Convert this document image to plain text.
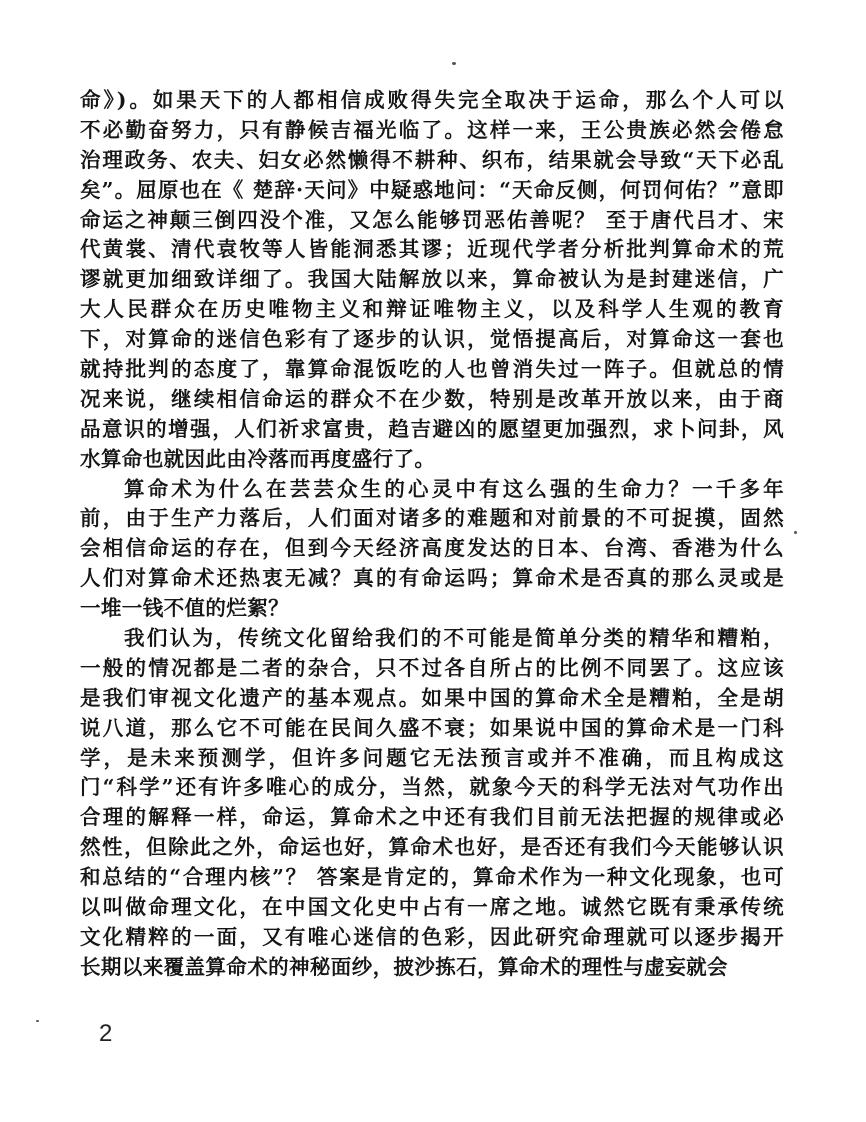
命》)。如果天下的人都相信成败得失完全取决于运命，那么个人可以
不必勤奋努力，只有静候吉福光临了。这样一来，王公贵族必然会倦怠
治理政务、农夫、妇女必然懒得不耕种、织布，结果就会导致“天下必乱
矣”。屈原也在《 楚辞·天问》中疑惑地问：“天命反侧，何罚何佑？”意即
命运之神颠三倒四没个准，又怎么能够罚恶佑善呢？ 至于唐代吕才、宋
代黄裳、清代袁牧等人皆能洞悉其谬；近现代学者分析批判算命术的荒
谬就更加细致详细了。我国大陆解放以来，算命被认为是封建迷信，广
大人民群众在历史唯物主义和辩证唯物主义，以及科学人生观的教育
下，对算命的迷信色彩有了逐步的认识，觉悟提高后，对算命这一套也
就持批判的态度了，靠算命混饭吃的人也曾消失过一阵子。但就总的情
况来说，继续相信命运的群众不在少数，特别是改革开放以来，由于商
品意识的增强，人们祈求富贵，趋吉避凶的愿望更加强烈，求卜问卦，风
水算命也就因此由冷落而再度盛行了。
算命术为什么在芸芸众生的心灵中有这么强的生命力？一千多年
前，由于生产力落后，人们面对诸多的难题和对前景的不可捉摸，固然
会相信命运的存在，但到今天经济高度发达的日本、台湾、香港为什么
人们对算命术还热衷无减？真的有命运吗；算命术是否真的那么灵或是
一堆一钱不值的烂絮？
我们认为，传统文化留给我们的不可能是简单分类的精华和糟粕，
一般的情况都是二者的杂合，只不过各自所占的比例不同罢了。这应该
是我们审视文化遗产的基本观点。如果中国的算命术全是糟粕，全是胡
说八道，那么它不可能在民间久盛不衰；如果说中国的算命术是一门科
学，是未来预测学，但许多问题它无法预言或并不准确，而且构成这
门“科学”还有许多唯心的成分，当然，就象今天的科学无法对气功作出
合理的解释一样，命运，算命术之中还有我们目前无法把握的规律或必
然性，但除此之外，命运也好，算命术也好，是否还有我们今天能够认识
和总结的“合理内核”？ 答案是肯定的，算命术作为一种文化现象，也可
以叫做命理文化，在中国文化史中占有一席之地。诚然它既有秉承传统
文化精粹的一面，又有唯心迷信的色彩，因此研究命理就可以逐步揭开
长期以来覆盖算命术的神秘面纱，披沙拣石，算命术的理性与虚妄就会
2
